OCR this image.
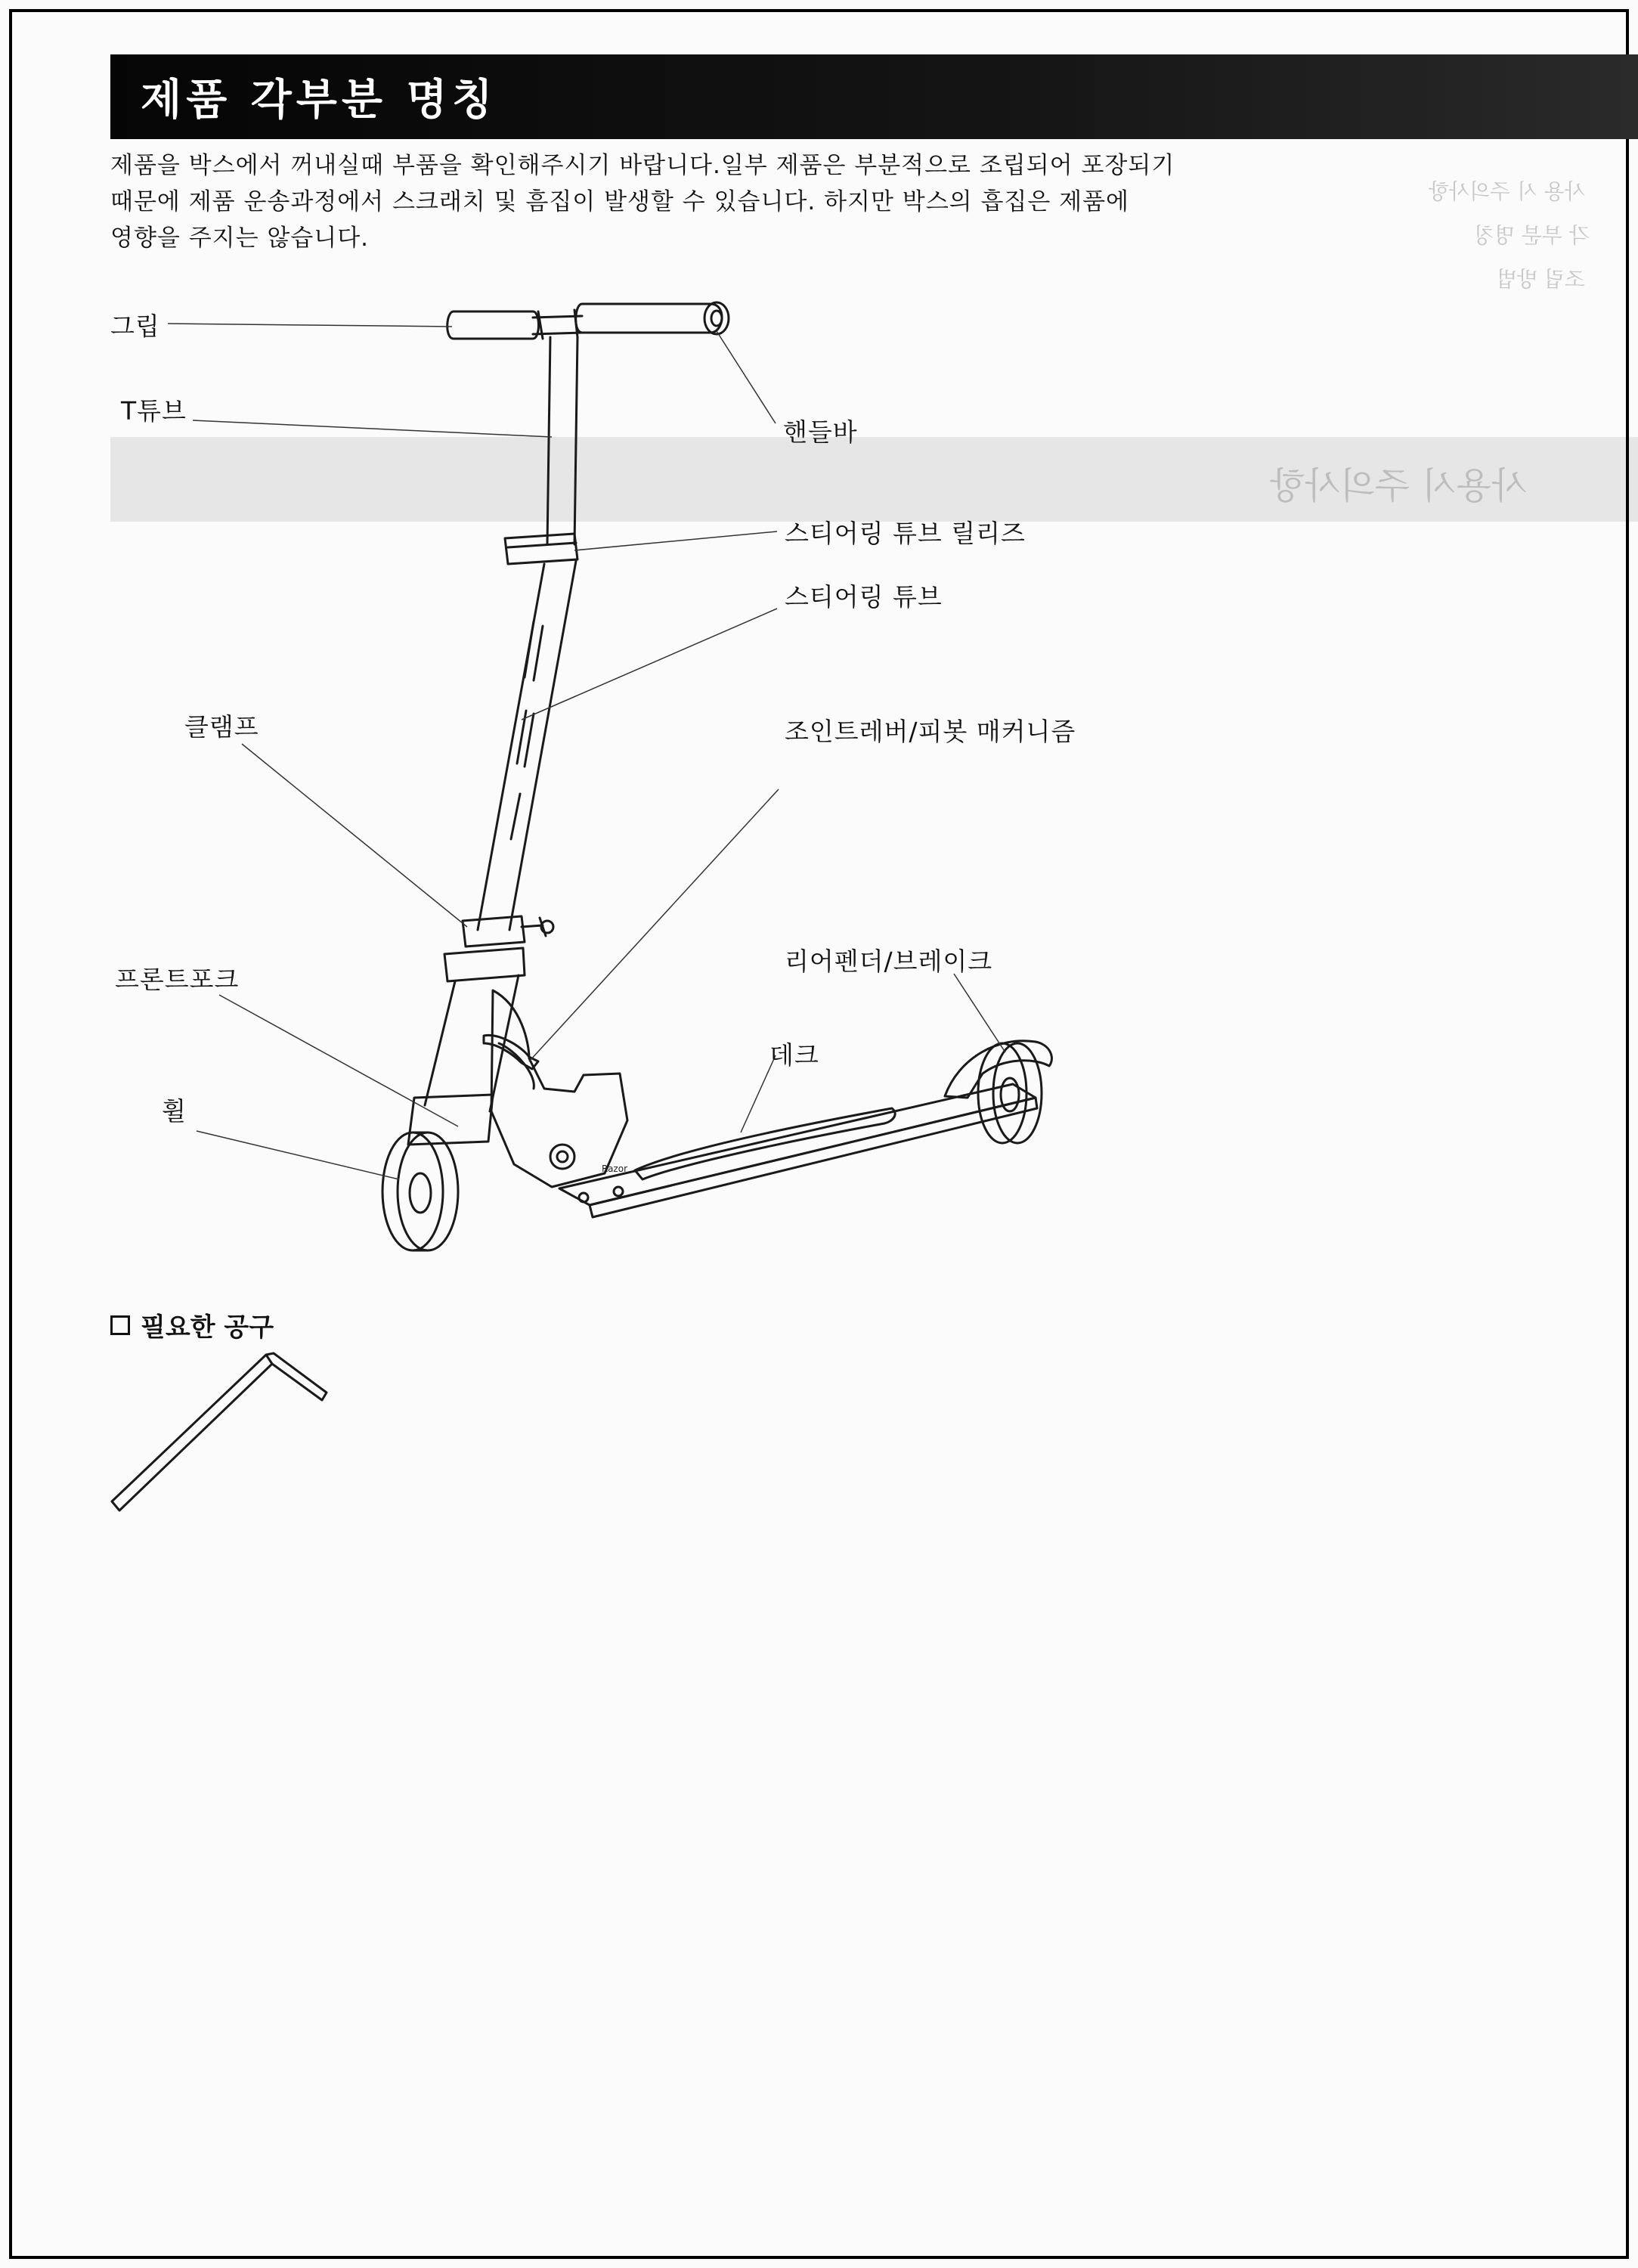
사용 시 주의사항
각 부분 명칭
조립 방법
사용시 주의사항
제품 각부분 명칭
제품을 박스에서 꺼내실때 부품을 확인해주시기 바랍니다.일부 제품은 부분적으로 조립되어 포장되기
때문에 제품 운송과정에서 스크래치 및 흠집이 발생할 수 있습니다. 하지만 박스의 흡집은 제품에
영향을 주지는 않습니다.
Razor
그립
T튜브
핸들바
스티어링 튜브 릴리즈
스티어링 튜브
클램프	조인트레버/피봇 매커니즘
프론트포크
리어펜더/브레이크
데크
휠
필요한 공구
